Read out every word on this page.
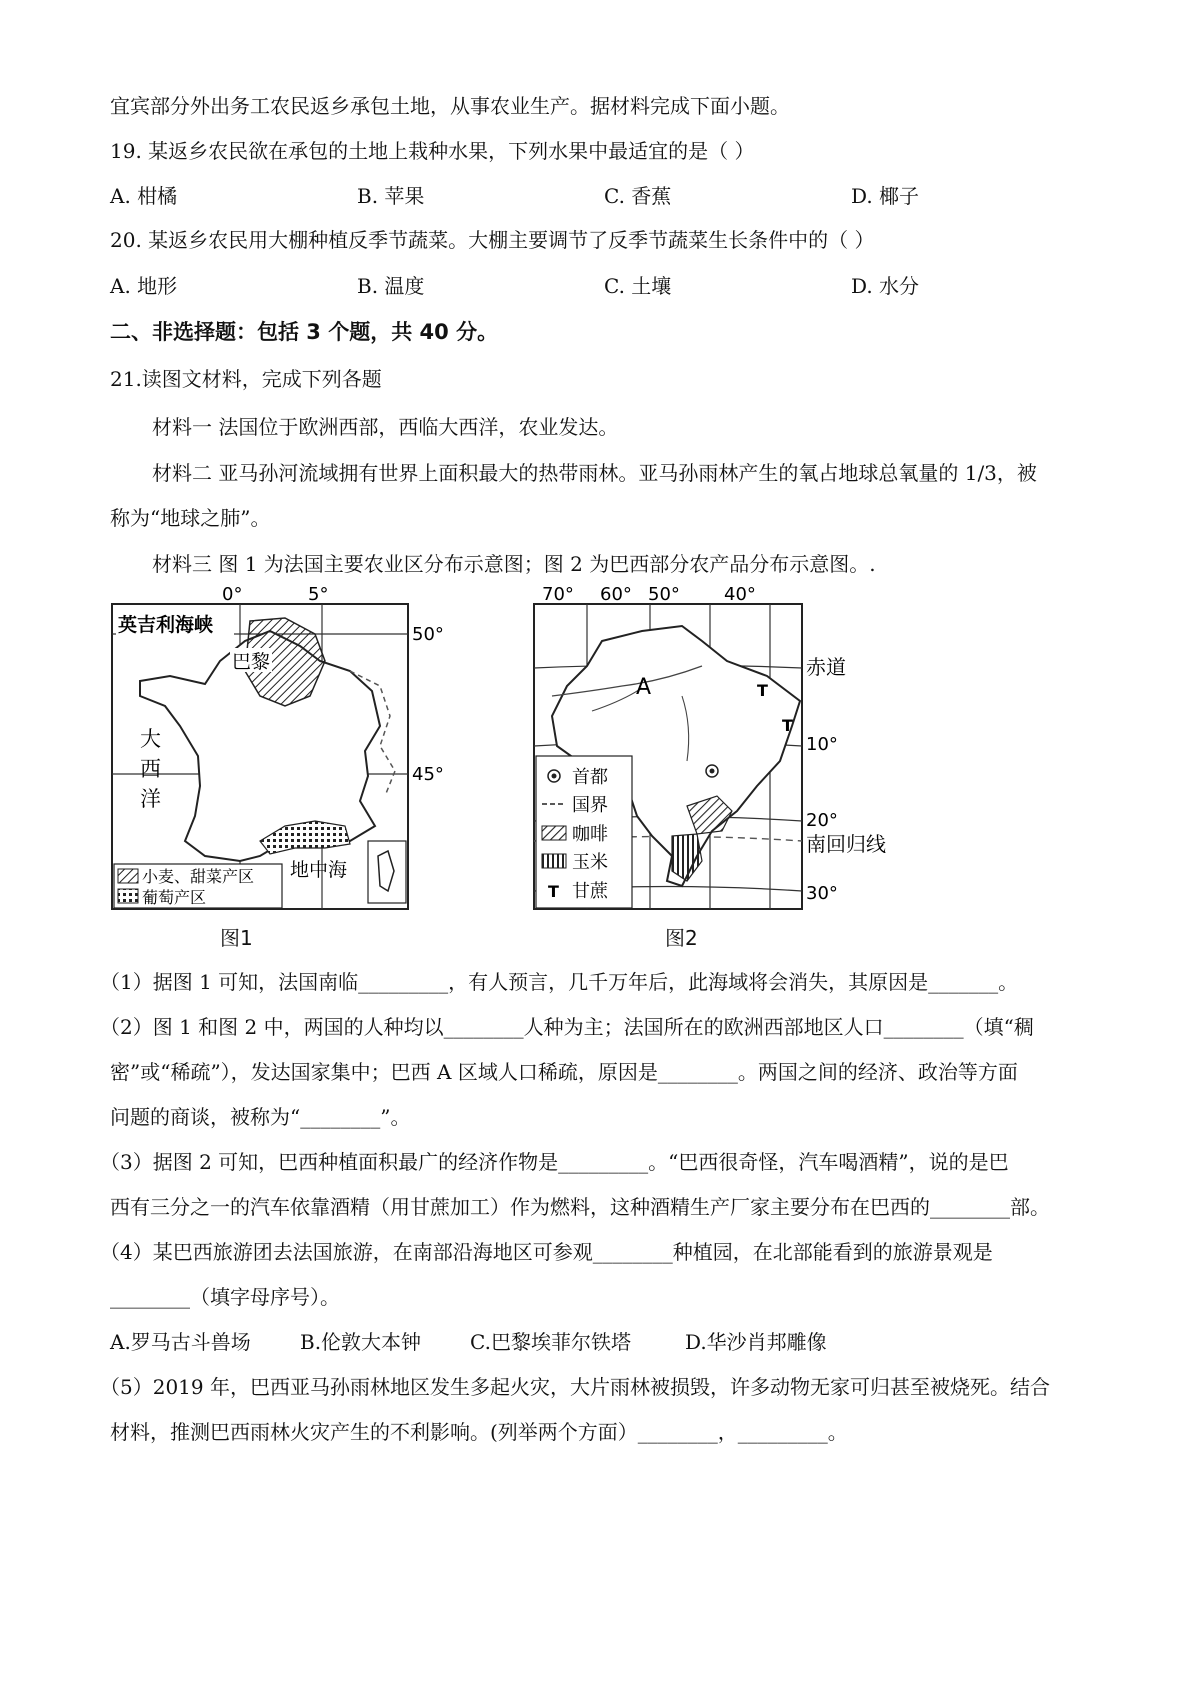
宜宾部分外出务工农民返乡承包土地，从事农业生产。据材料完成下面小题。
19. 某返乡农民欲在承包的土地上栽种水果，下列水果中最适宜的是（ ）
A. 柑橘	B. 苹果	C. 香蕉	D. 椰子
20. 某返乡农民用大棚种植反季节蔬菜。大棚主要调节了反季节蔬菜生长条件中的（ ）
A. 地形	B. 温度	C. 土壤	D. 水分
二、非选择题：包括 3 个题，共 40 分。
21.读图文材料，完成下列各题
材料一 法国位于欧洲西部，西临大西洋，农业发达。
材料二 亚马孙河流域拥有世界上面积最大的热带雨林。亚马孙雨林产生的氧占地球总氧量的 1/3，被
称为“地球之肺”。
材料三 图 1 为法国主要农业区分布示意图；图 2 为巴西部分农产品分布示意图。.
英吉利海峡
巴黎
大
西
洋
地中海
0°	5°
50°
45°
小麦、甜菜产区
葡萄产区
图1
T
T
A
70° 60° 50° 40°
赤道
10°
20°
南回归线
30°
首都
国界
咖啡
玉米
T 甘蔗
图2
（1）据图 1 可知，法国南临_________，有人预言，几千万年后，此海域将会消失，其原因是_______。
（2）图 1 和图 2 中，两国的人种均以________人种为主；法国所在的欧洲西部地区人口________（填“稠
密”或“稀疏”），发达国家集中；巴西 A 区域人口稀疏，原因是________。两国之间的经济、政治等方面
问题的商谈，被称为“________”。
（3）据图 2 可知，巴西种植面积最广的经济作物是_________。“巴西很奇怪，汽车喝酒精”，说的是巴
西有三分之一的汽车依靠酒精（用甘蔗加工）作为燃料，这种酒精生产厂家主要分布在巴西的________部。
（4）某巴西旅游团去法国旅游，在南部沿海地区可参观________种植园，在北部能看到的旅游景观是
________（填字母序号）。
A.罗马古斗兽场 B.伦敦大本钟 C.巴黎埃菲尔铁塔	D.华沙肖邦雕像
（5）2019 年，巴西亚马孙雨林地区发生多起火灾，大片雨林被损毁，许多动物无家可归甚至被烧死。结合
材料，推测巴西雨林火灾产生的不利影响。(列举两个方面）________，_________。
